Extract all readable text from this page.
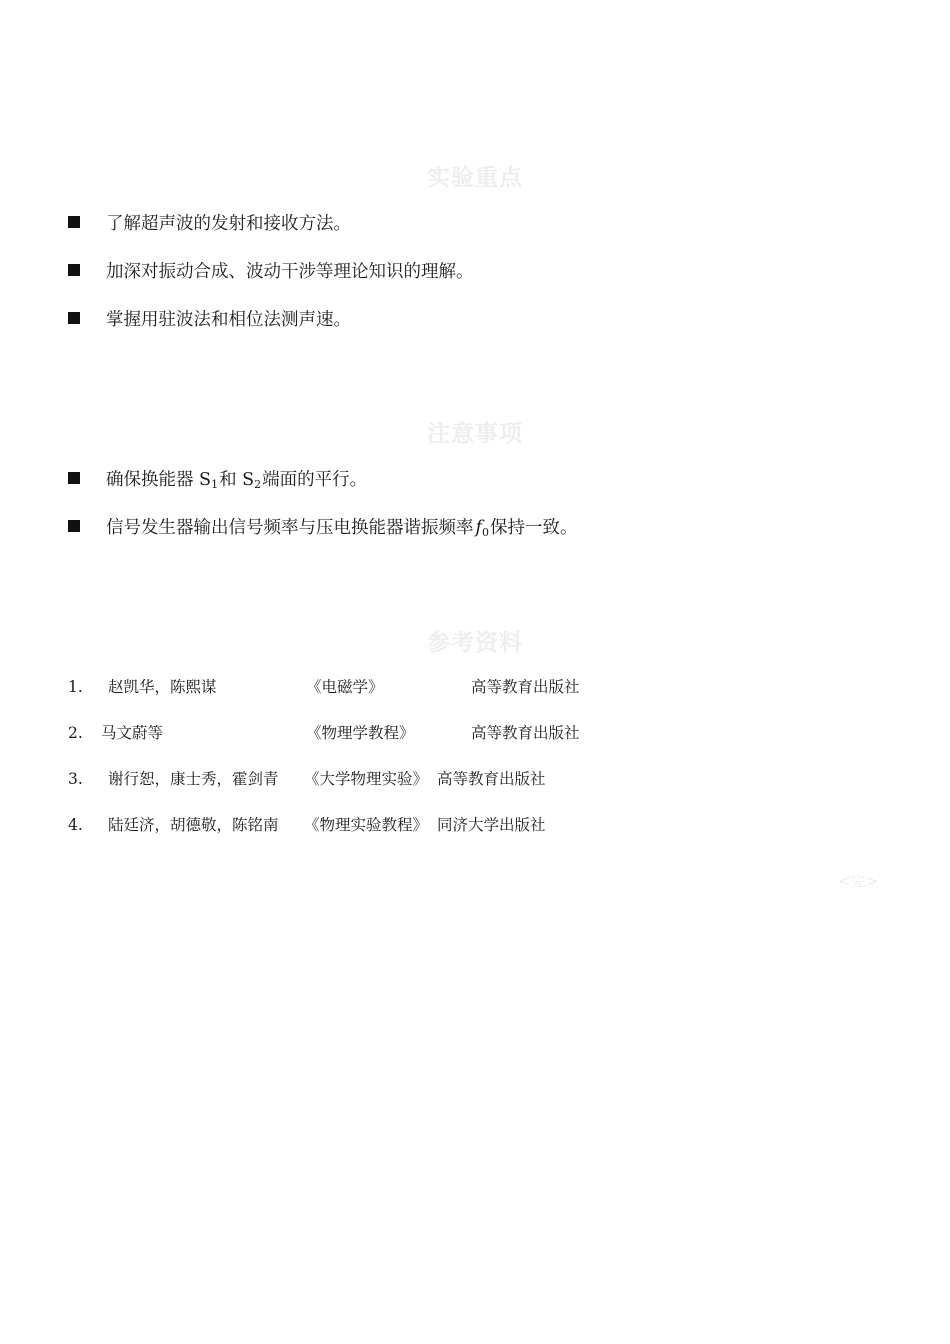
实验重点
了解超声波的发射和接收方法。
加深对振动合成、波动干涉等理论知识的理解。
掌握用驻波法和相位法测声速。
注意事项
确保换能器 $S_1$和 $S_2$端面的平行。
信号发生器输出信号频率与压电换能器谐振频率 $f_0$保持一致。
参考资料
1. 赵凯华，陈熙谋	《电磁学》	高等教育出版社
2. 马文蔚等	《物理学教程》	高等教育出版社
3. 谢行恕，康士秀，霍剑青 《大学物理实验》 高等教育出版社
4. 陆廷济，胡德敬，陈铭南 《物理实验教程》 同济大学出版社
<完>
